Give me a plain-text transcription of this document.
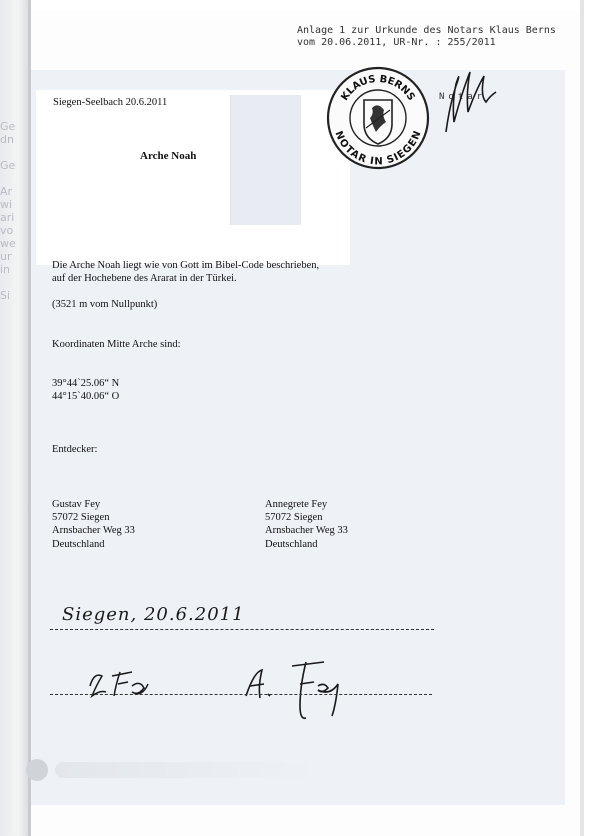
Ge
dn
Ge
Ar
wi
ari
vo
we
ur
in
Si
Anlage 1 zur Urkunde des Notars Klaus Berns
vom 20.06.2011, UR-Nr. : 255/2011
KLAUS BERNS
NOTAR IN SIEGEN
Notar
Siegen-Seelbach 20.6.2011
Arche Noah
Die Arche Noah liegt wie von Gott im Bibel-Code beschrieben,
auf der Hochebene des Ararat in der Türkei.
(3521 m vom Nullpunkt)
Koordinaten Mitte Arche sind:
39°44`25.06“ N
44°15`40.06“ O
Entdecker:
Gustav Fey
57072 Siegen
Arnsbacher Weg 33
Deutschland
Annegrete Fey
57072 Siegen
Arnsbacher Weg 33
Deutschland
Siegen, 20.6.2011
